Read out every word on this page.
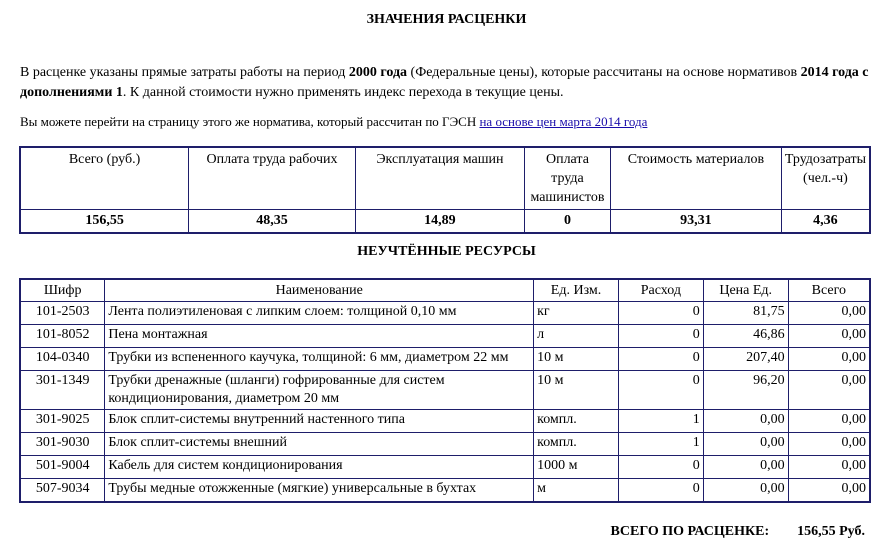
ЗНАЧЕНИЯ РАСЦЕНКИ
В расценке указаны прямые затраты работы на период 2000 года (Федеральные цены), которые рассчитаны на основе нормативов 2014 года с дополнениями 1. К данной стоимости нужно применять индекс перехода в текущие цены.
Вы можете перейти на страницу этого же норматива, который рассчитан по ГЭСН на основе цен марта 2014 года
Всего (руб.)	Оплата труда рабочих	Эксплуатация машин	Оплата труда машинистов	Стоимость материалов	Трудозатраты (чел.-ч)
156,55	48,35	14,89	0	93,31	4,36
НЕУЧТЁННЫЕ РЕСУРСЫ
Шифр	Наименование	Ед. Изм.	Расход	Цена Ед.	Всего
101-2503	Лента полиэтиленовая с липким слоем: толщиной 0,10 мм	кг	0	81,75	0,00
101-8052	Пена монтажная	л	0	46,86	0,00
104-0340	Трубки из вспененного каучука, толщиной: 6 мм, диаметром 22 мм	10 м	0	207,40	0,00
301-1349	Трубки дренажные (шланги) гофрированные для систем кондиционирования, диаметром 20 мм	10 м	0	96,20	0,00
301-9025	Блок сплит-системы внутренний настенного типа	компл.	1	0,00	0,00
301-9030	Блок сплит-системы внешний	компл.	1	0,00	0,00
501-9004	Кабель для систем кондиционирования	1000 м	0	0,00	0,00
507-9034	Трубы медные отожженные (мягкие) универсальные в бухтах	м	0	0,00	0,00
ВСЕГО ПО РАСЦЕНКЕ: 156,55 Руб.
